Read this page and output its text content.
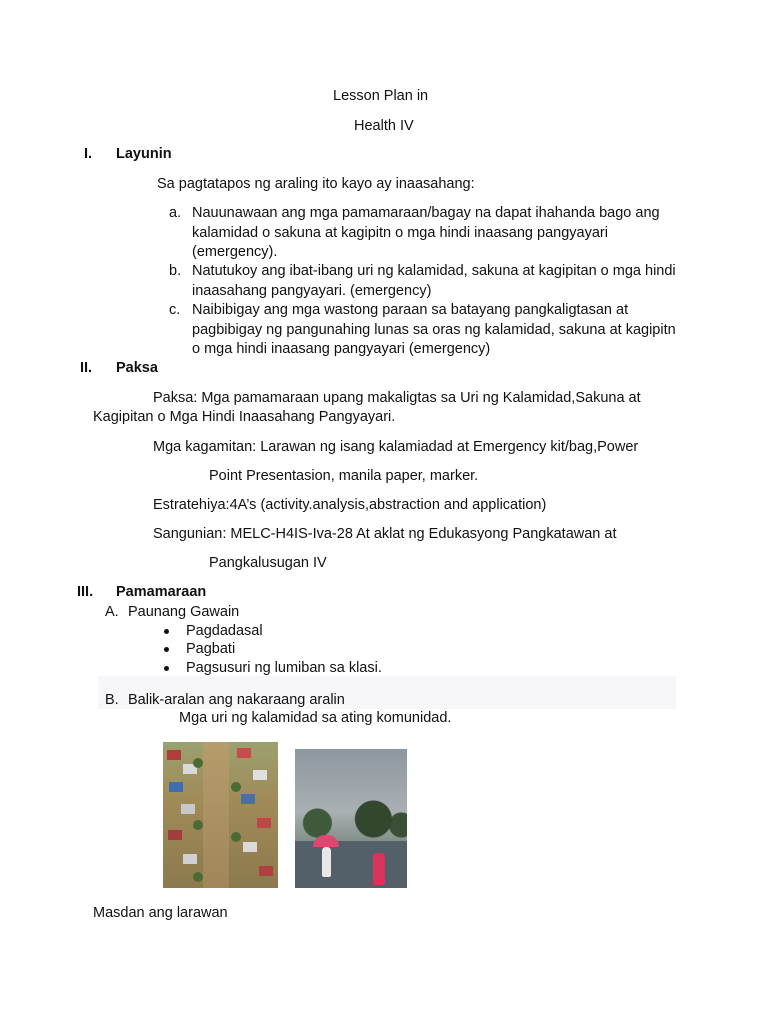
Lesson Plan in
Health IV
I. Layunin
Sa pagtatapos ng araling ito kayo ay inaasahang:
a. Nauunawaan ang mga pamamaraan/bagay na dapat ihahanda bago ang kalamidad o sakuna at kagipitn o mga hindi inaasang pangyayari (emergency).
b. Natutukoy ang ibat-ibang uri ng kalamidad, sakuna at kagipitan o mga hindi inaasahang pangyayari. (emergency)
c. Naibibigay ang mga wastong paraan sa batayang pangkaligtasan at pagbibigay ng pangunahing lunas sa oras ng kalamidad, sakuna at kagipitn o mga hindi inaasang pangyayari (emergency)
II. Paksa
Paksa: Mga pamamaraan upang makaligtas sa Uri ng Kalamidad,Sakuna at
Kagipitan o Mga Hindi Inaasahang Pangyayari.
Mga kagamitan: Larawan ng isang kalamiadad at Emergency kit/bag,Power
Point Presentasion, manila paper, marker.
Estratehiya:4A’s (activity.analysis,abstraction and application)
Sangunian: MELC-H4IS-Iva-28 At aklat ng Edukasyong Pangkatawan at
Pangkalusugan IV
III. Pamamaraan
A. Paunang Gawain
Pagdadasal
Pagbati
Pagsusuri ng lumiban sa klasi.
B. Balik-aralan ang nakaraang aralin
Mga uri ng kalamidad sa ating komunidad.
Masdan ang larawan
